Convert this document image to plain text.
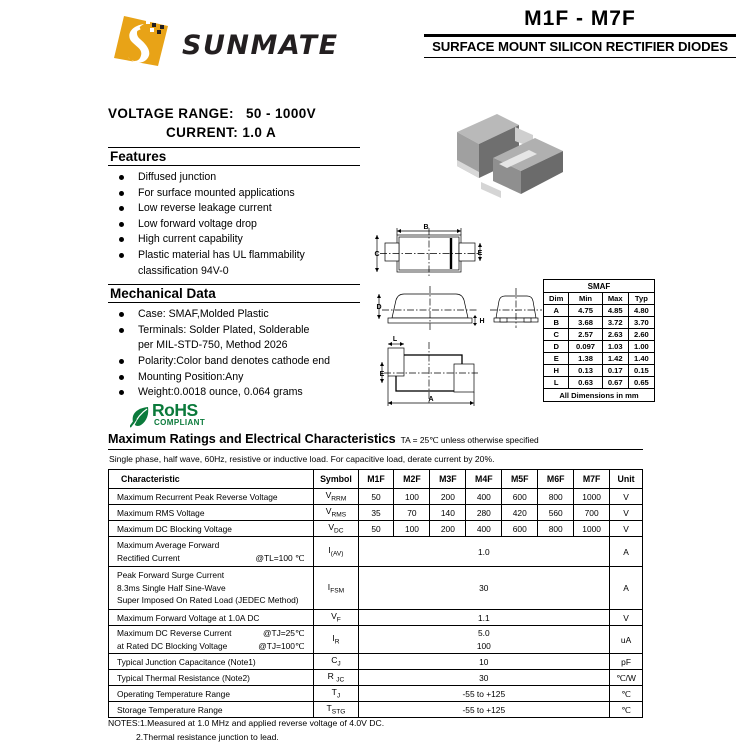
SUNMATE
M1F - M7F
SURFACE MOUNT SILICON RECTIFIER DIODES
VOLTAGE RANGE: 50 - 1000V
CURRENT: 1.0 A
Features
Diffused junction
For surface mounted applications
Low reverse leakage current
Low forward voltage drop
High current capability
Plastic material has UL flammability
classification 94V-0
Mechanical Data
Case: SMAF,Molded Plastic
Terminals: Solder Plated, Solderable
per MIL-STD-750, Method 2026
Polarity:Color band denotes cathode end
Mounting Position:Any
Weight:0.0018 ounce, 0.064 grams
RoHS
COMPLIANT
B
C	E
D
H
L
E
A
SMAF			
Dim	Min	Max	Typ
A	4.75	4.85	4.80
B	3.68	3.72	3.70
C	2.57	2.63	2.60
D	0.097	1.03	1.00
E	1.38	1.42	1.40
H	0.13	0.17	0.15
L	0.63	0.67	0.65
All Dimensions in mm			
Maximum Ratings and Electrical Characteristics TA = 25℃ unless otherwise specified
Single phase, half wave, 60Hz, resistive or inductive load. For capacitive load, derate current by 20%.
Characteristic	Symbol	M1F	M2F	M3F	M4F	M5F	M6F	M7F	Unit
Maximum Recurrent Peak Reverse Voltage	$V_{RRM}$	50	100	200	400	600	800	1000	V
Maximum RMS Voltage	$V_{RMS}$	35	70	140	280	420	560	700	V
Maximum DC Blocking Voltage	$V_{DC}$	50	100	200	400	600	800	1000	V

Maximum Average Forward
Rectified Current @TL=100 ℃	$I_{(AV)}$	1.0							A

Peak Forward Surge Current
8.3ms Single Half Sine-Wave
Super Imposed On Rated Load (JEDEC Method)	$I_{FSM}$	30							A
Maximum Forward Voltage at 1.0A DC	$V_F$	1.1							V

Maximum DC Reverse Current @TJ=25℃
at Rated DC Blocking Voltage @TJ=100℃	$I_R$	5.0
100							uA
Typical Junction Capacitance (Note1)	$C_J$	10							pF
Typical Thermal Resistance (Note2)	R $_{JC}$	30							℃/W
Operating Temperature Range	$T_J$	-55 to +125							℃
Storage Temperature Range	$T_{STG}$	-55 to +125							℃
NOTES:1.Measured at 1.0 MHz and applied reverse voltage of 4.0V DC.
2.Thermal resistance junction to lead.
